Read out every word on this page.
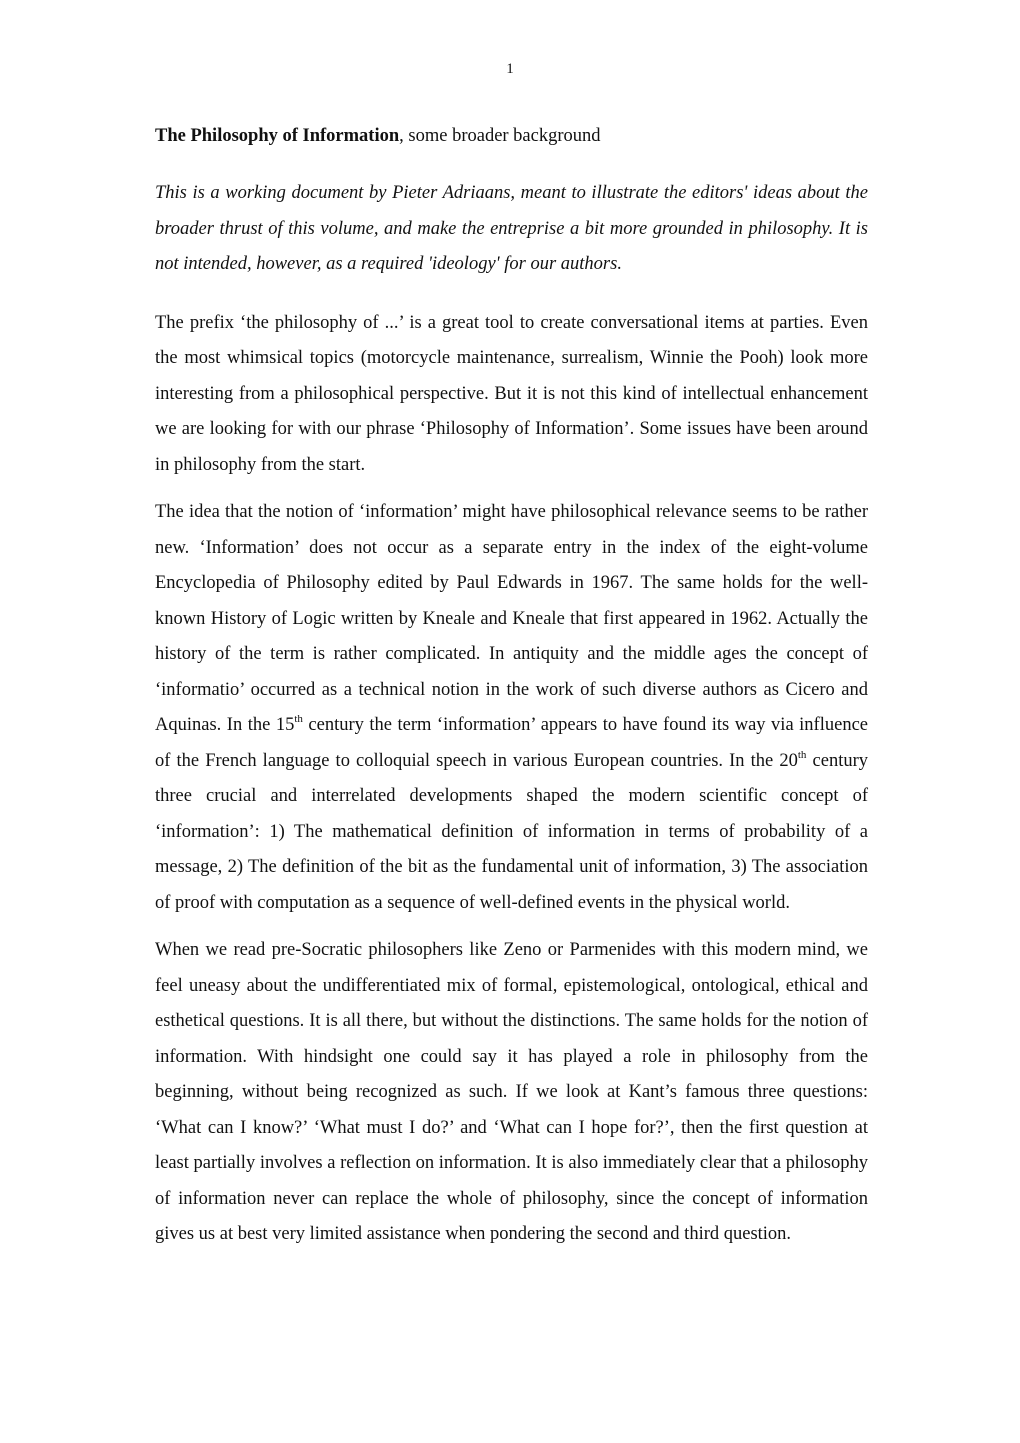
1

The Philosophy of Information, some broader background

This is a working document by Pieter Adriaans, meant to illustrate the editors' ideas about the broader thrust of this volume, and make the entreprise a bit more grounded in philosophy. It is not intended, however, as a required 'ideology' for our authors.

The prefix ‘the philosophy of ...’ is a great tool to create conversational items at parties. Even the most whimsical topics (motorcycle maintenance, surrealism, Winnie the Pooh) look more interesting from a philosophical perspective. But it is not this kind of intellectual enhancement we are looking for with our phrase ‘Philosophy of Information’. Some issues have been around in philosophy from the start.

The idea that the notion of ‘information’ might have philosophical relevance seems to be rather new. ‘Information’ does not occur as a separate entry in the index of the eight-volume Encyclopedia of Philosophy edited by Paul Edwards in 1967. The same holds for the well-known History of Logic written by Kneale and Kneale that first appeared in 1962. Actually the history of the term is rather complicated. In antiquity and the middle ages the concept of ‘informatio’ occurred as a technical notion in the work of such diverse authors as Cicero and Aquinas. In the 15th century the term ‘information’ appears to have found its way via influence of the French language to colloquial speech in various European countries. In the 20th century three crucial and interrelated developments shaped the modern scientific concept of ‘information’: 1) The mathematical definition of information in terms of probability of a message, 2) The definition of the bit as the fundamental unit of information, 3) The association of proof with computation as a sequence of well-defined events in the physical world.

When we read pre-Socratic philosophers like Zeno or Parmenides with this modern mind, we feel uneasy about the undifferentiated mix of formal, epistemological, ontological, ethical and esthetical questions. It is all there, but without the distinctions. The same holds for the notion of information. With hindsight one could say it has played a role in philosophy from the beginning, without being recognized as such. If we look at Kant’s famous three questions: ‘What can I know?’ ‘What must I do?’ and ‘What can I hope for?’, then the first question at least partially involves a reflection on information. It is also immediately clear that a philosophy of information never can replace the whole of philosophy, since the concept of information gives us at best very limited assistance when pondering the second and third question.
